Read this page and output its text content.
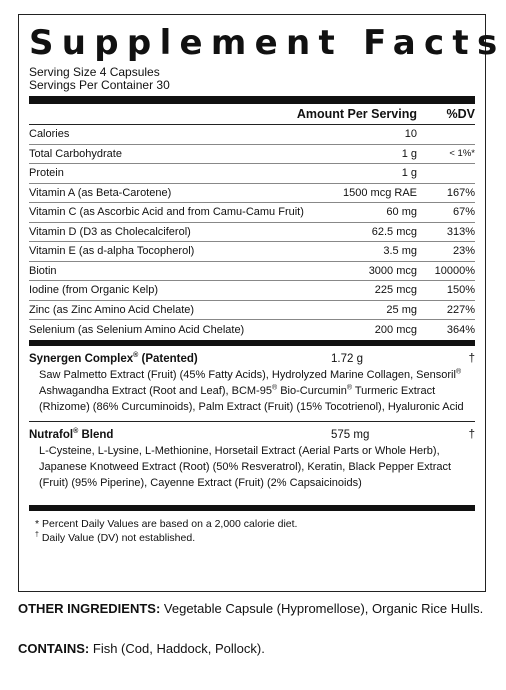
Supplement Facts
Serving Size 4 Capsules
Servings Per Container 30
Amount Per Serving	%DV
Calories	10
Total Carbohydrate	1 g	< 1%*
Protein	1 g
Vitamin A (as Beta-Carotene)	1500 mcg RAE	167%
Vitamin C (as Ascorbic Acid and from Camu-Camu Fruit)	60 mg	67%
Vitamin D (D3 as Cholecalciferol)	62.5 mcg	313%
Vitamin E (as d-alpha Tocopherol)	3.5 mg	23%
Biotin	3000 mcg	10000%
Iodine (from Organic Kelp)	225 mcg	150%
Zinc (as Zinc Amino Acid Chelate)	25 mg	227%
Selenium (as Selenium Amino Acid Chelate)	200 mcg	364%
Synergen Complex® (Patented)	1.72 g	†
Saw Palmetto Extract (Fruit) (45% Fatty Acids), Hydrolyzed Marine Collagen, Sensoril® Ashwagandha Extract (Root and Leaf), BCM-95® Bio-Curcumin® Turmeric Extract (Rhizome) (86% Curcuminoids), Palm Extract (Fruit) (15% Tocotrienol), Hyaluronic Acid
Nutrafol® Blend	575 mg	†
L-Cysteine, L-Lysine, L-Methionine, Horsetail Extract (Aerial Parts or Whole Herb), Japanese Knotweed Extract (Root) (50% Resveratrol), Keratin, Black Pepper Extract (Fruit) (95% Piperine), Cayenne Extract (Fruit) (2% Capsaicinoids)
* Percent Daily Values are based on a 2,000 calorie diet.
† Daily Value (DV) not established.
OTHER INGREDIENTS: Vegetable Capsule (Hypromellose), Organic Rice Hulls.
CONTAINS: Fish (Cod, Haddock, Pollock).
